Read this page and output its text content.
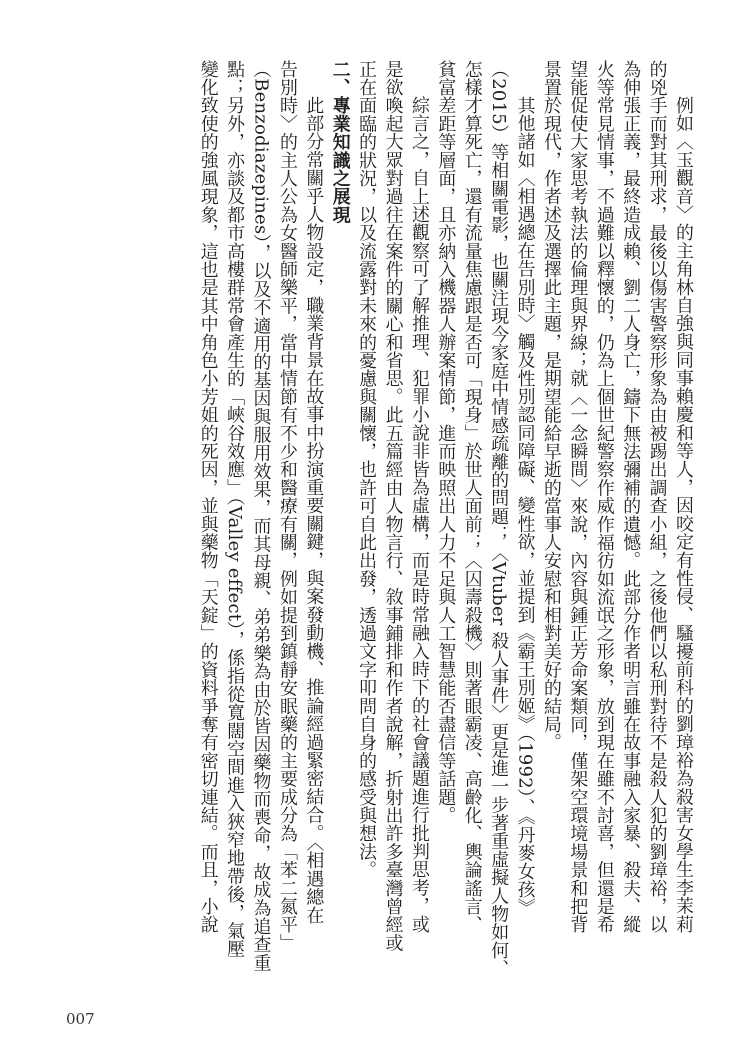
例如〈玉觀音〉的主角林自強與同事賴慶和等人，因咬定有性侵、騷擾前科的劉璋裕為殺害女學生李茉莉
的兇手而對其刑求，最後以傷害警察形象為由被踢出調查小組，之後他們以私刑對待不是殺人犯的劉璋裕，以
為伸張正義，最終造成賴、劉二人身亡，鑄下無法彌補的遺憾。此部分作者明言雖在故事融入家暴、殺夫、縱
火等常見情事，不過難以釋懷的，仍為上個世紀警察作威作福彷如流氓之形象，放到現在雖不討喜，但還是希
望能促使大家思考執法的倫理與界線；就〈一念瞬間〉來說，內容與鍾正芳命案類同，僅架空環境場景和把背
景置於現代，作者述及選擇此主題，是期望能給早逝的當事人安慰和相對美好的結局。
其他諸如〈相遇總在告別時〉觸及性別認同障礙、變性欲，並提到《霸王別姬》（1992）、《丹麥女孩》
（2015）等相關電影，也關注現今家庭中情感疏離的問題；〈Vtuber 殺人事件〉更是進一步著重虛擬人物如何、
怎樣才算死亡，還有流量焦慮跟是否可「現身」於世人面前；〈囚壽殺機〉則著眼霸凌、高齡化、輿論謠言、
貧富差距等層面，且亦納入機器人辦案情節，進而映照出人力不足與人工智慧能否盡信等話題。
綜言之，自上述觀察可了解推理、犯罪小說非皆為虛構，而是時常融入時下的社會議題進行批判思考，或
是欲喚起大眾對過往在案件的關心和省思。此五篇經由人物言行、敘事鋪排和作者說解，折射出許多臺灣曾經或
正在面臨的狀況，以及流露對未來的憂慮與關懷，也許可自此出發，透過文字叩問自身的感受與想法。
二、專業知識之展現
此部分常關乎人物設定，職業背景在故事中扮演重要關鍵，與案發動機、推論經過緊密結合。〈相遇總在
告別時〉的主人公為女醫師樂平，當中情節有不少和醫療有關，例如提到鎮靜安眠藥的主要成分為「苯二氮平」
（Benzodiazepines），以及不適用的基因與服用效果，而其母親、弟弟樂為由於皆因藥物而喪命，故成為追查重
點；另外，亦談及都市高樓群常會產生的「峽谷效應」（Valley effect），係指從寬闊空間進入狹窄地帶後，氣壓
變化致使的強風現象，這也是其中角色小芳姐的死因，並與藥物「天錠」的資料爭奪有密切連結。而且，小說
007
